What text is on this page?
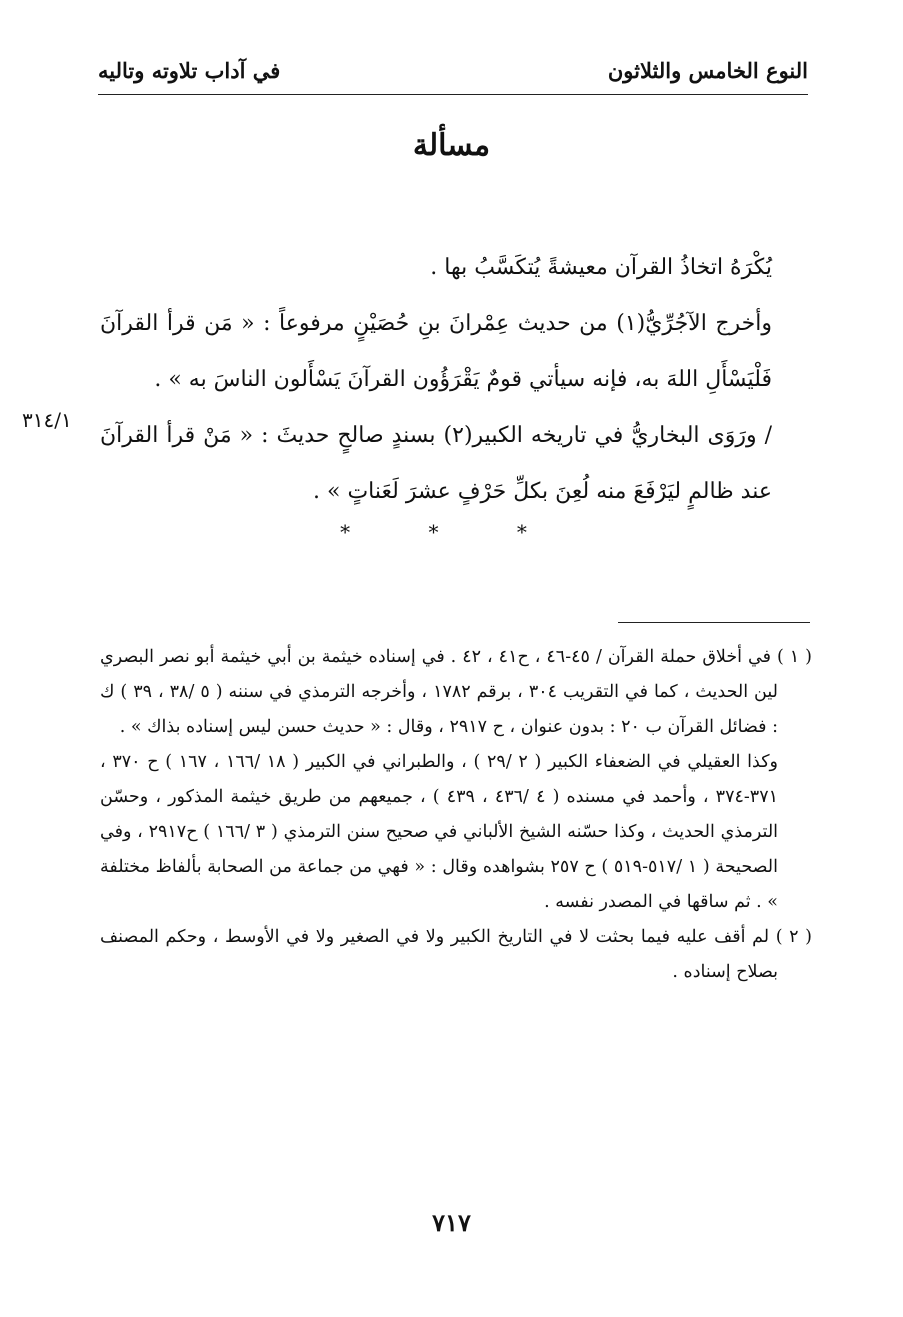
النوع الخامس والثلاثون
في آداب تلاوته وتاليه
مسألة

يُكْرَهُ اتخاذُ القرآن معيشةً يُتكَسَّبُ بها .

وأخرج الآجُرِّيُّ(١) من حديث عِمْرانَ بنِ حُصَيْنٍ مرفوعاً : « مَن قرأ القرآنَ فَلْيَسْأَلِ اللهَ به، فإنه سيأتي قومٌ يَقْرَؤُون القرآنَ يَسْأَلون الناسَ به » .

/ ورَوَى البخاريُّ في تاريخه الكبير(٢) بسندٍ صالحٍ حديثَ : « مَنْ قرأ القرآنَ عند ظالمٍ ليَرْفَعَ منه لُعِنَ بكلِّ حَرْفٍ عشرَ لَعَناتٍ » .

٣١٤/١
* * *

( ١ ) في أخلاق حملة القرآن / ٤٥-٤٦ ، ح٤١ ، ٤٢ . في إسناده خيثمة بن أبي خيثمة أبو نصر البصري لين الحديث ، كما في التقريب ٣٠٤ ، برقم ١٧٨٢ ، وأخرجه الترمذي في سننه ( ٥ /٣٨ ، ٣٩ ) ك : فضائل القرآن ب ٢٠ : بدون عنوان ، ح ٢٩١٧ ، وقال : « حديث حسن ليس إسناده بذاك » .

وكذا العقيلي في الضعفاء الكبير ( ٢ /٢٩ ) ، والطبراني في الكبير ( ١٨ /١٦٦ ، ١٦٧ ) ح ٣٧٠ ، ٣٧١-٣٧٤ ، وأحمد في مسنده ( ٤ /٤٣٦ ، ٤٣٩ ) ، جميعهم من طريق خيثمة المذكور ، وحسّن الترمذي الحديث ، وكذا حسّنه الشيخ الألباني في صحيح سنن الترمذي ( ٣ /١٦٦ ) ح٢٩١٧ ، وفي الصحيحة ( ١ /٥١٧-٥١٩ ) ح ٢٥٧ بشواهده وقال : « فهي من جماعة من الصحابة بألفاظ مختلفة » . ثم ساقها في المصدر نفسه .

( ٢ ) لم أقف عليه فيما بحثت لا في التاريخ الكبير ولا في الصغير ولا في الأوسط ، وحكم المصنف بصلاح إسناده .

٧١٧
